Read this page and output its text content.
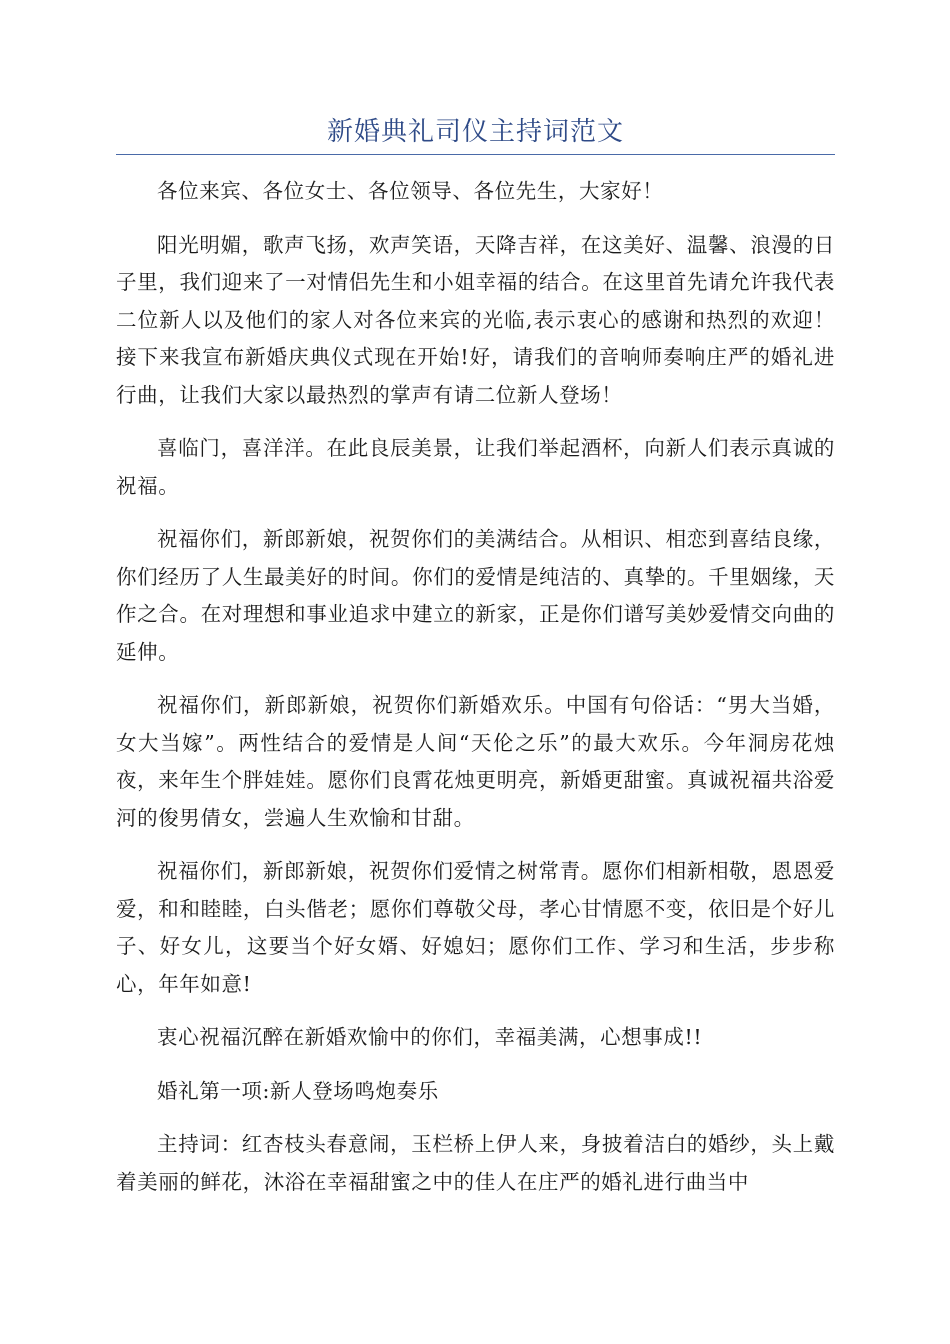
新婚典礼司仪主持词范文

各位来宾、各位女士、各位领导、各位先生，大家好！

阳光明媚，歌声飞扬，欢声笑语，天降吉祥，在这美好、温馨、浪漫的日子里，我们迎来了一对情侣先生和小姐幸福的结合。在这里首先请允许我代表二位新人以及他们的家人对各位来宾的光临,表示衷心的感谢和热烈的欢迎！接下来我宣布新婚庆典仪式现在开始!好，请我们的音响师奏响庄严的婚礼进行曲，让我们大家以最热烈的掌声有请二位新人登场！

喜临门，喜洋洋。在此良辰美景，让我们举起酒杯，向新人们表示真诚的祝福。

祝福你们，新郎新娘，祝贺你们的美满结合。从相识、相恋到喜结良缘，你们经历了人生最美好的时间。你们的爱情是纯洁的、真挚的。千里姻缘，天作之合。在对理想和事业追求中建立的新家，正是你们谱写美妙爱情交向曲的延伸。

祝福你们，新郎新娘，祝贺你们新婚欢乐。中国有句俗话：“男大当婚，女大当嫁”。两性结合的爱情是人间“天伦之乐”的最大欢乐。今年洞房花烛夜，来年生个胖娃娃。愿你们良霄花烛更明亮，新婚更甜蜜。真诚祝福共浴爱河的俊男倩女，尝遍人生欢愉和甘甜。

祝福你们，新郎新娘，祝贺你们爱情之树常青。愿你们相新相敬，恩恩爱爱，和和睦睦，白头偕老；愿你们尊敬父母，孝心甘情愿不变，依旧是个好儿子、好女儿，这要当个好女婿、好媳妇；愿你们工作、学习和生活，步步称心，年年如意!

衷心祝福沉醉在新婚欢愉中的你们，幸福美满，心想事成!!

婚礼第一项:新人登场鸣炮奏乐

主持词：红杏枝头春意闹，玉栏桥上伊人来，身披着洁白的婚纱，头上戴着美丽的鲜花，沐浴在幸福甜蜜之中的佳人在庄严的婚礼进行曲当中
